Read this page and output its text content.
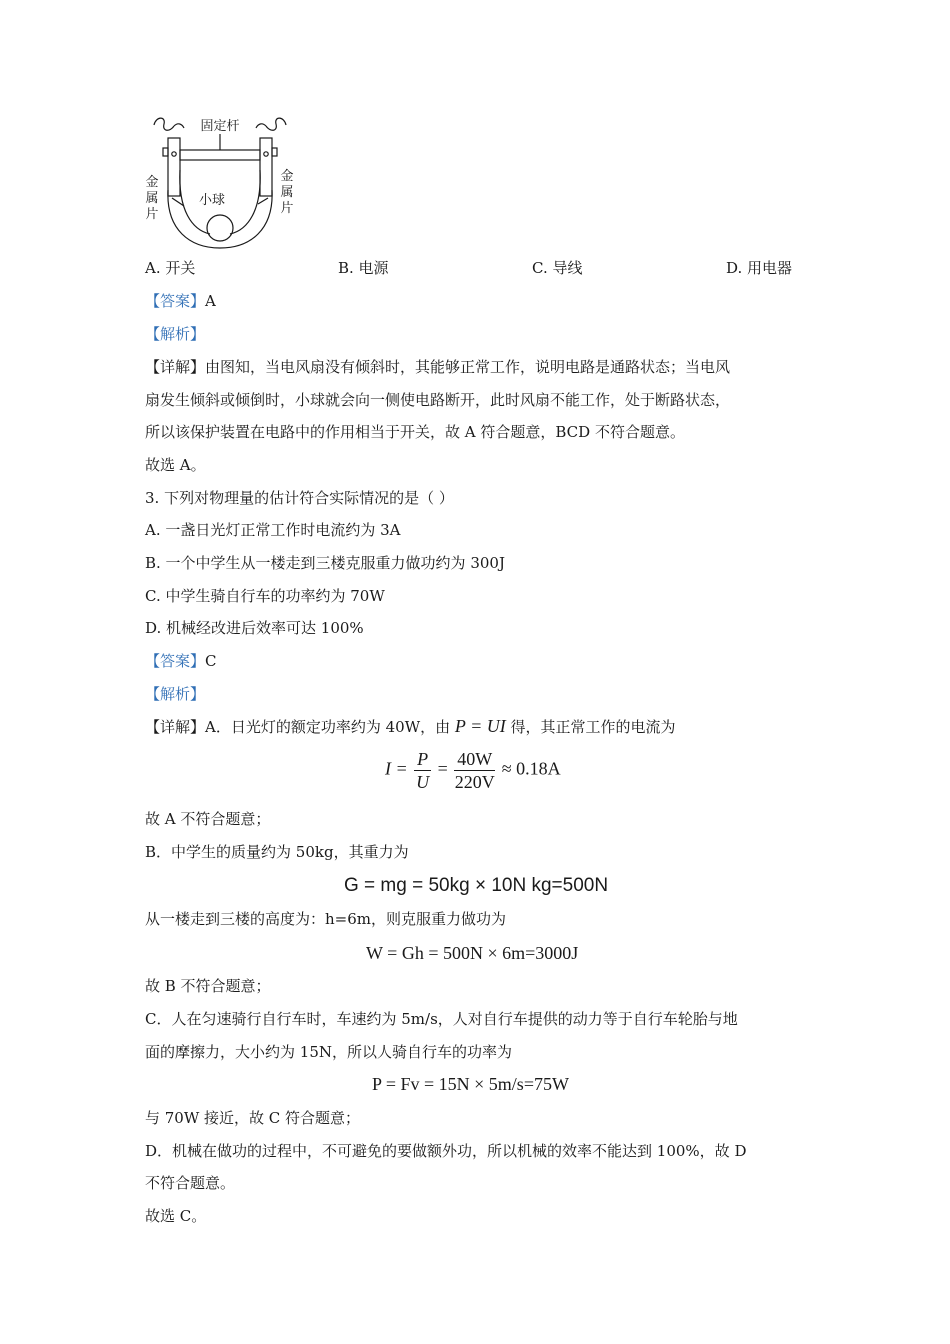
固定杆
小球
金
属
片
金
属
片
A. 开关	B. 电源	C. 导线	D. 用电器
【答案】A
【解析】
【详解】由图知，当电风扇没有倾斜时，其能够正常工作，说明电路是通路状态；当电风
扇发生倾斜或倾倒时，小球就会向一侧使电路断开，此时风扇不能工作，处于断路状态，
所以该保护装置在电路中的作用相当于开关，故 A 符合题意，BCD 不符合题意。
故选 A。
3. 下列对物理量的估计符合实际情况的是（ ）
A. 一盏日光灯正常工作时电流约为 3A
B. 一个中学生从一楼走到三楼克服重力做功约为 300J
C. 中学生骑自行车的功率约为 70W
D. 机械经改进后效率可达 100%
【答案】C
【解析】
【详解】A．日光灯的额定功率约为 40W，由 P = UI 得，其正常工作的电流为
$I = \frac{P}{U} = \frac{40W}{220V} \approx 0.18A$
故 A 不符合题意；
B．中学生的质量约为 50kg，其重力为
G = mg = 50kg × 10N kg=500N
从一楼走到三楼的高度为：h=6m，则克服重力做功为
W = Gh = 500N × 6m=3000J
故 B 不符合题意；
C．人在匀速骑行自行车时，车速约为 5m/s，人对自行车提供的动力等于自行车轮胎与地
面的摩擦力，大小约为 15N，所以人骑自行车的功率为
P = Fv = 15N × 5m/s=75W
与 70W 接近，故 C 符合题意；
D．机械在做功的过程中，不可避免的要做额外功，所以机械的效率不能达到 100%，故 D
不符合题意。
故选 C。
